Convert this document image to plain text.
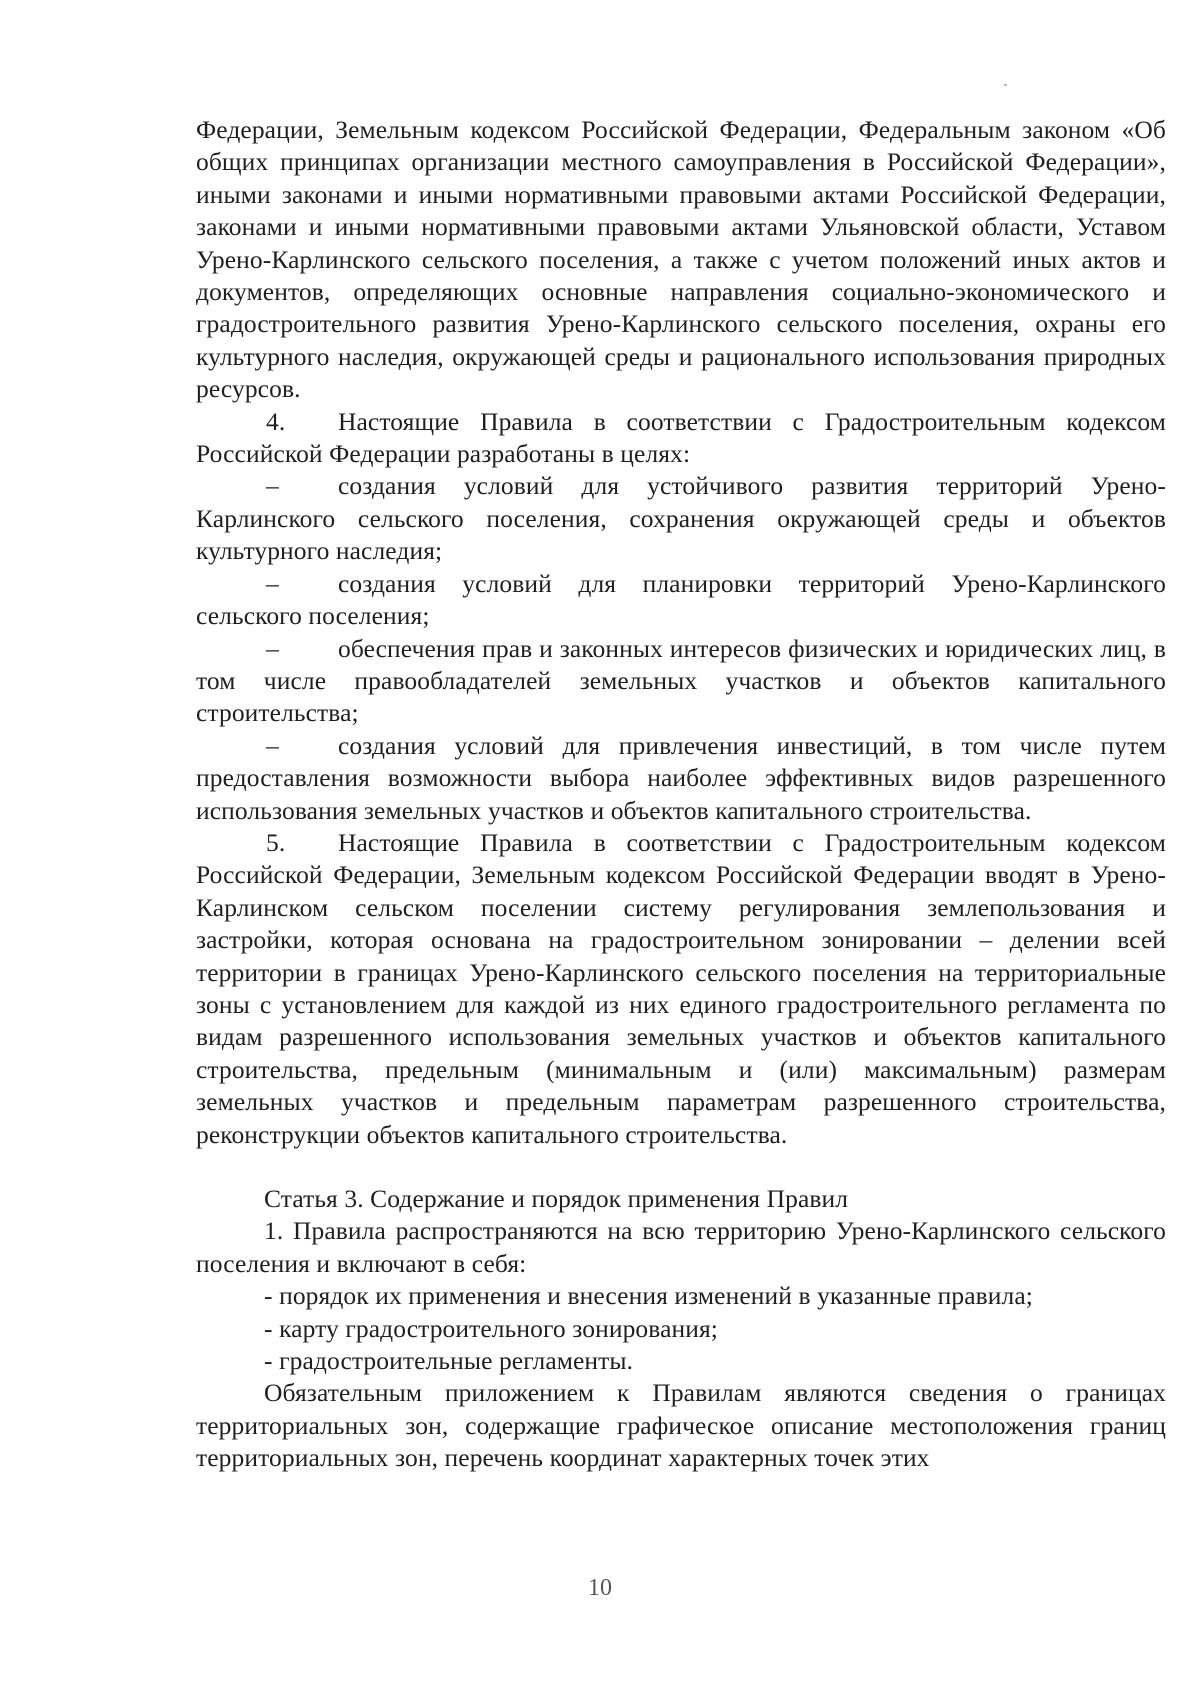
Федерации, Земельным кодексом Российской Федерации, Федеральным законом «Об общих принципах организации местного самоуправления в Российской Федерации», иными законами и иными нормативными правовыми актами Российской Федерации, законами и иными нормативными правовыми актами Ульяновской области, Уставом Урено-Карлинского сельского поселения, а также с учетом положений иных актов и документов, определяющих основные направления социально-экономического и градостроительного развития Урено-Карлинского сельского поселения, охраны его культурного наследия, окружающей среды и рационального использования природных ресурсов.

4. Настоящие Правила в соответствии с Градостроительным кодексом Российской Федерации разработаны в целях:

– создания условий для устойчивого развития территорий Урено-Карлинского сельского поселения, сохранения окружающей среды и объектов культурного наследия;

– создания условий для планировки территорий Урено-Карлинского сельского поселения;

– обеспечения прав и законных интересов физических и юридических лиц, в том числе правообладателей земельных участков и объектов капитального строительства;

– создания условий для привлечения инвестиций, в том числе путем предоставления возможности выбора наиболее эффективных видов разрешенного использования земельных участков и объектов капитального строительства.

5. Настоящие Правила в соответствии с Градостроительным кодексом Российской Федерации, Земельным кодексом Российской Федерации вводят в Урено-Карлинском сельском поселении систему регулирования землепользования и застройки, которая основана на градостроительном зонировании – делении всей территории в границах Урено-Карлинского сельского поселения на территориальные зоны с установлением для каждой из них единого градостроительного регламента по видам разрешенного использования земельных участков и объектов капитального строительства, предельным (минимальным и (или) максимальным) размерам земельных участков и предельным параметрам разрешенного строительства, реконструкции объектов капитального строительства.

Статья 3. Содержание и порядок применения Правил

1. Правила распространяются на всю территорию Урено-Карлинского сельского поселения и включают в себя:

- порядок их применения и внесения изменений в указанные правила;

- карту градостроительного зонирования;

- градостроительные регламенты.

Обязательным приложением к Правилам являются сведения о границах территориальных зон, содержащие графическое описание местоположения границ территориальных зон, перечень координат характерных точек этих

10
